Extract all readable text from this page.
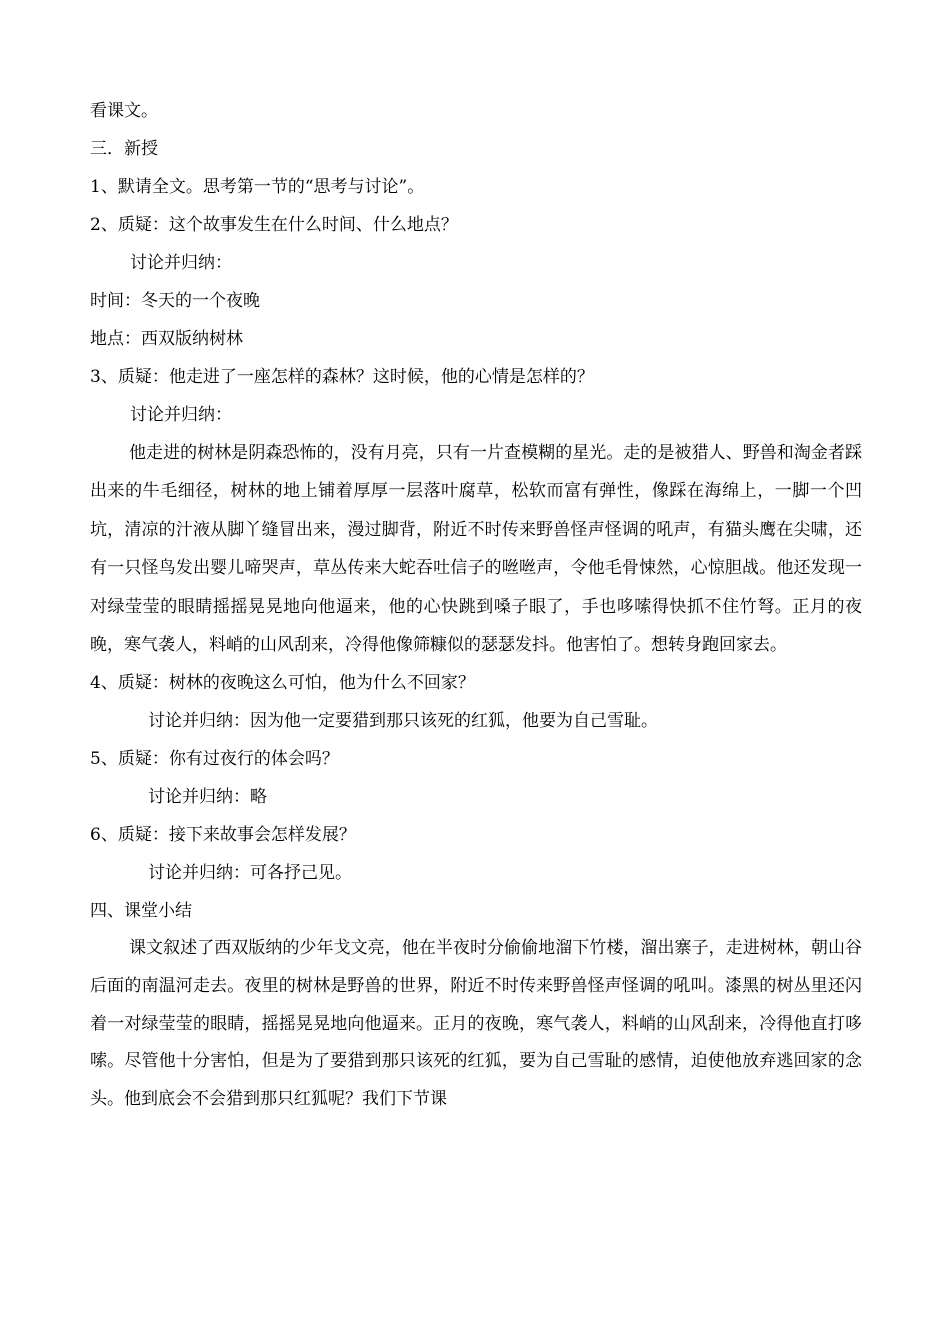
看课文。
三．新授
1、默请全文。思考第一节的“思考与讨论”。
2、质疑：这个故事发生在什么时间、什么地点？
讨论并归纳：
时间：冬天的一个夜晚
地点：西双版纳树林
3、质疑：他走进了一座怎样的森林？这时候，他的心情是怎样的？
讨论并归纳：

他走进的树林是阴森恐怖的，没有月亮，只有一片查模糊的星光。走的是被猎人、野兽和淘金者踩出来的牛毛细径，树林的地上铺着厚厚一层落叶腐草，松软而富有弹性，像踩在海绵上，一脚一个凹坑，清凉的汁液从脚丫缝冒出来，漫过脚背，附近不时传来野兽怪声怪调的吼声，有猫头鹰在尖啸，还有一只怪鸟发出婴儿啼哭声，草丛传来大蛇吞吐信子的咝咝声，令他毛骨悚然，心惊胆战。他还发现一对绿莹莹的眼睛摇摇晃晃地向他逼来，他的心快跳到嗓子眼了，手也哆嗦得快抓不住竹弩。正月的夜晚，寒气袭人，料峭的山风刮来，冷得他像筛糠似的瑟瑟发抖。他害怕了。想转身跑回家去。

4、质疑：树林的夜晚这么可怕，他为什么不回家？
讨论并归纳：因为他一定要猎到那只该死的红狐，他要为自己雪耻。
5、质疑：你有过夜行的体会吗？
讨论并归纳：略
6、质疑：接下来故事会怎样发展？
讨论并归纳：可各抒己见。
四、课堂小结

课文叙述了西双版纳的少年戈文亮，他在半夜时分偷偷地溜下竹楼，溜出寨子，走进树林，朝山谷后面的南温河走去。夜里的树林是野兽的世界，附近不时传来野兽怪声怪调的吼叫。漆黑的树丛里还闪着一对绿莹莹的眼睛，摇摇晃晃地向他逼来。正月的夜晚，寒气袭人，料峭的山风刮来，冷得他直打哆嗦。尽管他十分害怕，但是为了要猎到那只该死的红狐，要为自己雪耻的感情，迫使他放弃逃回家的念头。他到底会不会猎到那只红狐呢？我们下节课
